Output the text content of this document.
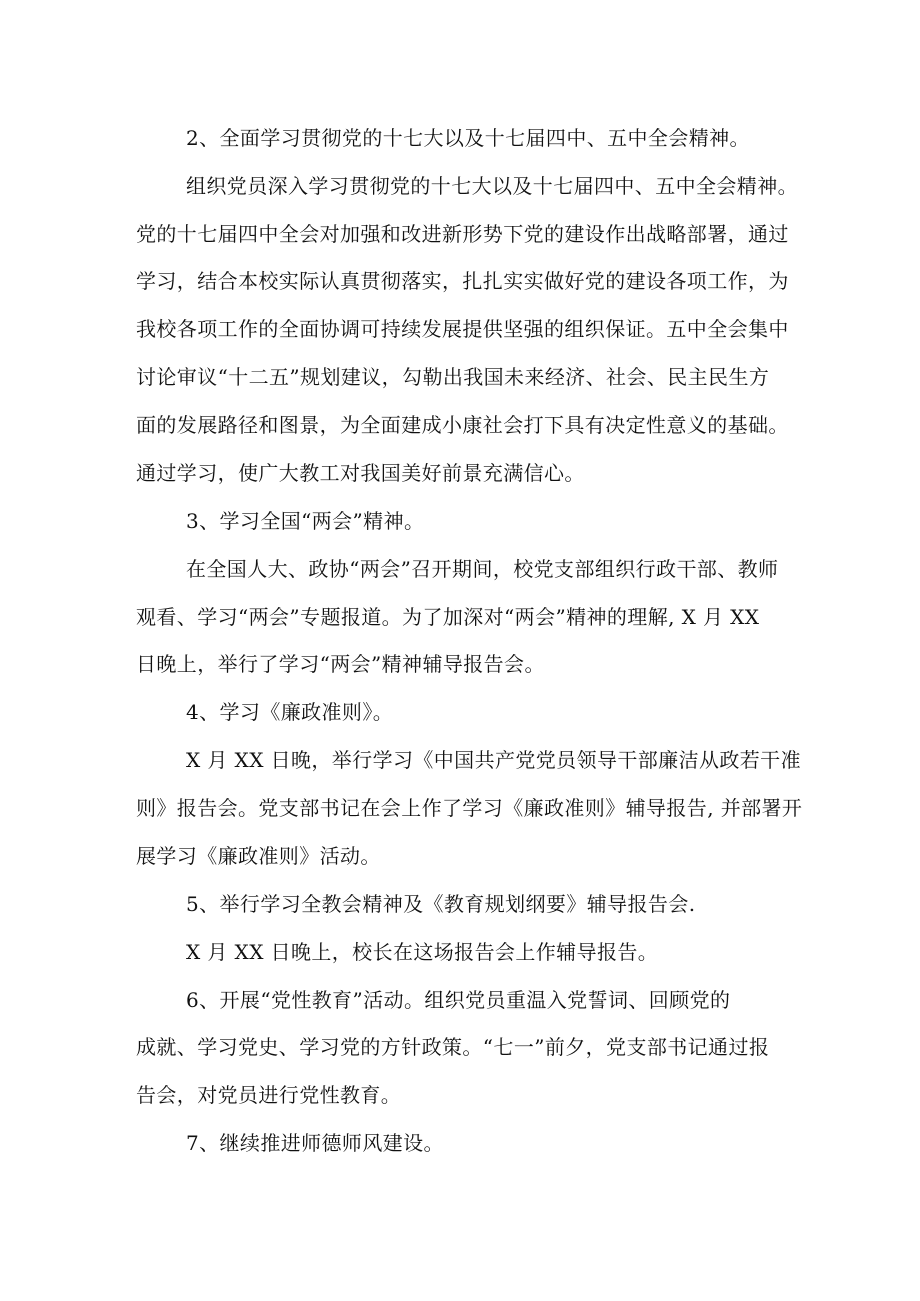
2、全面学习贯彻党的十七大以及十七届四中、五中全会精神。
组织党员深入学习贯彻党的十七大以及十七届四中、五中全会精神。
党的十七届四中全会对加强和改进新形势下党的建设作出战略部署，通过
学习，结合本校实际认真贯彻落实，扎扎实实做好党的建设各项工作，为
我校各项工作的全面协调可持续发展提供坚强的组织保证。五中全会集中
讨论审议“十二五”规划建议，勾勒出我国未来经济、社会、民主民生方
面的发展路径和图景，为全面建成小康社会打下具有决定性意义的基础。
通过学习，使广大教工对我国美好前景充满信心。
3、学习全国“两会”精神。
在全国人大、政协“两会”召开期间，校党支部组织行政干部、教师
观看、学习“两会”专题报道。为了加深对“两会”精神的理解, X 月 XX
日晚上，举行了学习“两会”精神辅导报告会。
4、学习《廉政准则》。
X 月 XX 日晚，举行学习《中国共产党党员领导干部廉洁从政若干准
则》报告会。党支部书记在会上作了学习《廉政准则》辅导报告, 并部署开
展学习《廉政准则》活动。
5、举行学习全教会精神及《教育规划纲要》辅导报告会.
X 月 XX 日晚上，校长在这场报告会上作辅导报告。
6、开展“党性教育”活动。组织党员重温入党誓词、回顾党的
成就、学习党史、学习党的方针政策。“七一”前夕，党支部书记通过报
告会，对党员进行党性教育。
7、继续推进师德师风建设。
